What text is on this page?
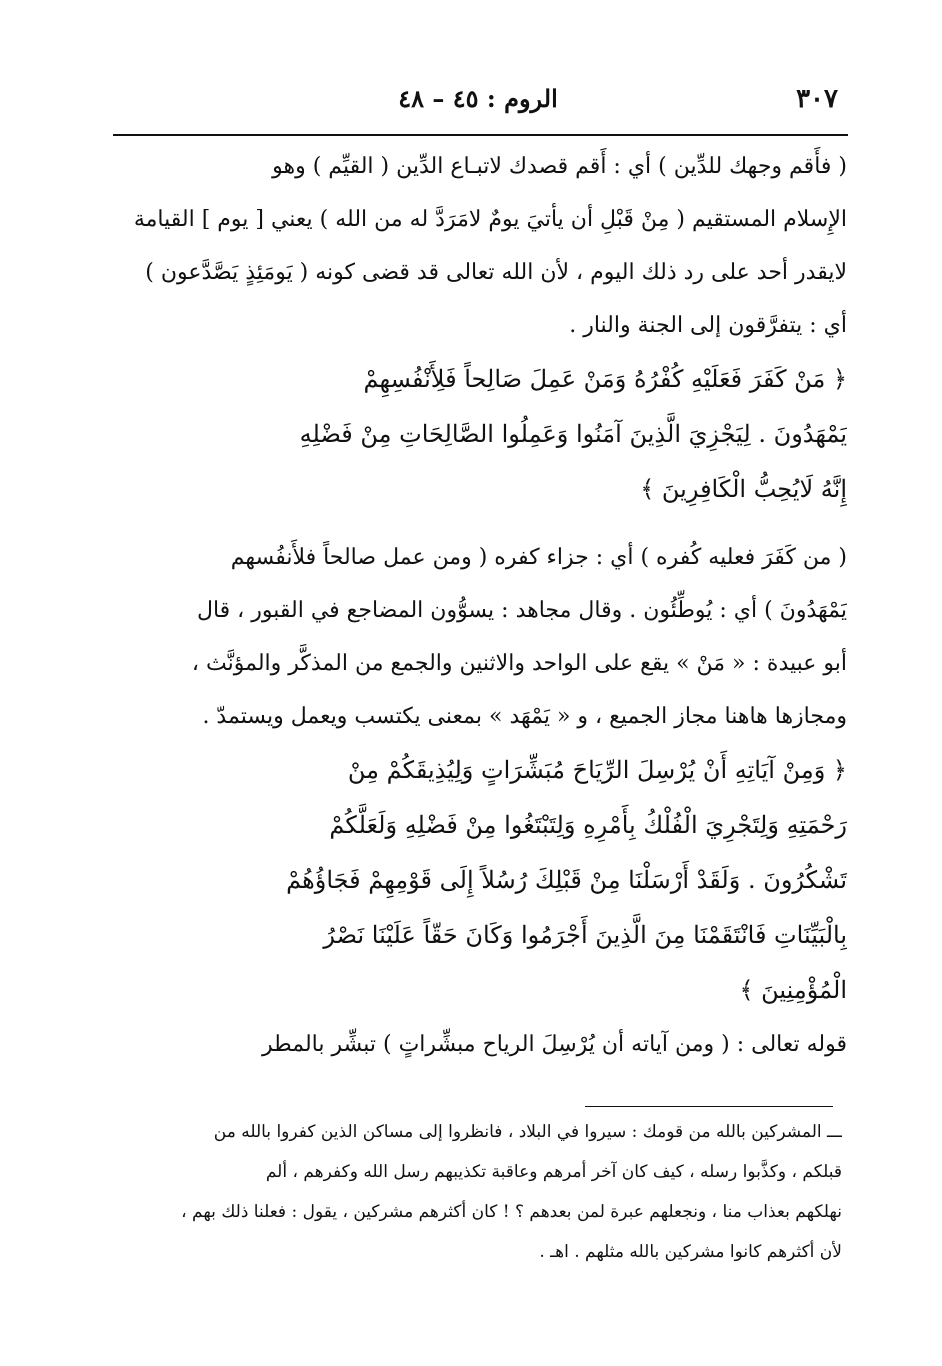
٣٠٧
الروم : ٤٥ – ٤٨
( فأَقم وجهك للدِّين ) أي : أَقم قصدك لاتبـاع الدِّين ( القيِّم ) وهو
الإِسلام المستقيم ( مِنْ قَبْلِ أن يأتيَ يومٌ لامَرَدَّ له من الله ) يعني [ يوم ] القيامة
لايقدر أحد على رد ذلك اليوم ، لأن الله تعالى قد قضى كونه ( يَومَئِذٍ يَصَّدَّعون )
أي : يتفرَّقون إلى الجنة والنار .
﴿ مَنْ كَفَرَ فَعَلَيْهِ كُفْرُهُ وَمَنْ عَمِلَ صَالِحاً فَلِأَنْفُسِهِمْ
يَمْهَدُونَ . لِيَجْزِيَ الَّذِينَ آمَنُوا وَعَمِلُوا الصَّالِحَاتِ مِنْ فَضْلِهِ
إِنَّهُ لَايُحِبُّ الْكَافِرِينَ ﴾
( من كَفَرَ فعليه كُفره ) أي : جزاء كفره ( ومن عمل صالحاً فلأَنفُسهم
يَمْهَدُونَ ) أي : يُوطِّئُون . وقال مجاهد : يسوُّون المضاجع في القبور ، قال
أبو عبيدة : « مَنْ » يقع على الواحد والاثنين والجمع من المذكَّر والمؤنَّث ،
ومجازها هاهنا مجاز الجميع ، و « يَمْهَد » بمعنى يكتسب ويعمل ويستمدّ .
﴿ وَمِنْ آيَاتِهِ أَنْ يُرْسِلَ الرِّيَاحَ مُبَشِّرَاتٍ وَلِيُذِيقَكُمْ مِنْ
رَحْمَتِهِ وَلِتَجْرِيَ الْفُلْكُ بِأَمْرِهِ وَلِتَبْتَغُوا مِنْ فَضْلِهِ وَلَعَلَّكُمْ
تَشْكُرُونَ . وَلَقَدْ أَرْسَلْنَا مِنْ قَبْلِكَ رُسُلاً إِلَى قَوْمِهِمْ فَجَاؤُهُمْ
بِالْبَيِّنَاتِ فَانْتَقَمْنَا مِنَ الَّذِينَ أَجْرَمُوا وَكَانَ حَقّاً عَلَيْنَا نَصْرُ
الْمُؤْمِنِينَ ﴾
قوله تعالى : ( ومن آياته أن يُرْسِلَ الرياح مبشِّراتٍ ) تبشِّر بالمطر
ـــ المشركين بالله من قومك : سيروا في البلاد ، فانظروا إلى مساكن الذين كفروا بالله من
قبلكم ، وكذَّبوا رسله ، كيف كان آخر أمرهم وعاقبة تكذيبهم رسل الله وكفرهم ، ألم
نهلكهم بعذاب منا ، ونجعلهم عبرة لمن بعدهم ؟ ! كان أكثرهم مشركين ، يقول : فعلنا ذلك بهم ،
لأن أكثرهم كانوا مشركين بالله مثلهم . اهـ .
